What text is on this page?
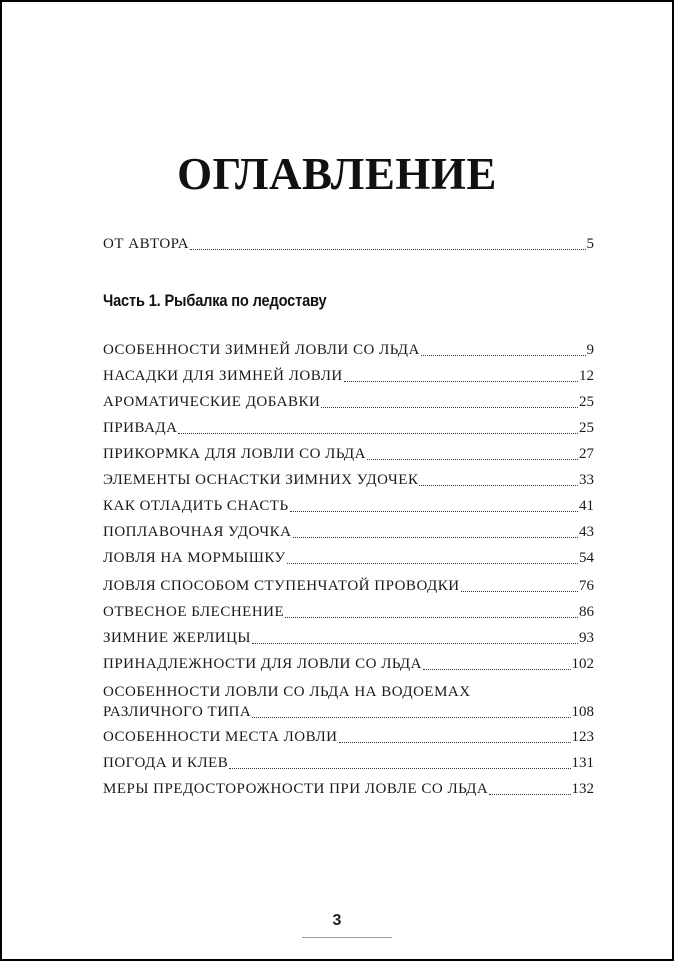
ОГЛАВЛЕНИЕ
ОТ АВТОРА	5
Часть 1. Рыбалка по ледоставу
ОСОБЕННОСТИ ЗИМНЕЙ ЛОВЛИ СО ЛЬДА	9
НАСАДКИ ДЛЯ ЗИМНЕЙ ЛОВЛИ	12
АРОМАТИЧЕСКИЕ ДОБАВКИ	25
ПРИВАДА	25
ПРИКОРМКА ДЛЯ ЛОВЛИ СО ЛЬДА	27
ЭЛЕМЕНТЫ ОСНАСТКИ ЗИМНИХ УДОЧЕК	33
КАК ОТЛАДИТЬ СНАСТЬ	41
ПОПЛАВОЧНАЯ УДОЧКА	43
ЛОВЛЯ НА МОРМЫШКУ	54
ЛОВЛЯ СПОСОБОМ СТУПЕНЧАТОЙ ПРОВОДКИ	76
ОТВЕСНОЕ БЛЕСНЕНИЕ	86
ЗИМНИЕ ЖЕРЛИЦЫ	93
ПРИНАДЛЕЖНОСТИ ДЛЯ ЛОВЛИ СО ЛЬДА	102
ОСОБЕННОСТИ ЛОВЛИ СО ЛЬДА НА ВОДОЕМАХ
РАЗЛИЧНОГО ТИПА	108
ОСОБЕННОСТИ МЕСТА ЛОВЛИ	123
ПОГОДА И КЛЕВ	131
МЕРЫ ПРЕДОСТОРОЖНОСТИ ПРИ ЛОВЛЕ СО ЛЬДА	132
3
